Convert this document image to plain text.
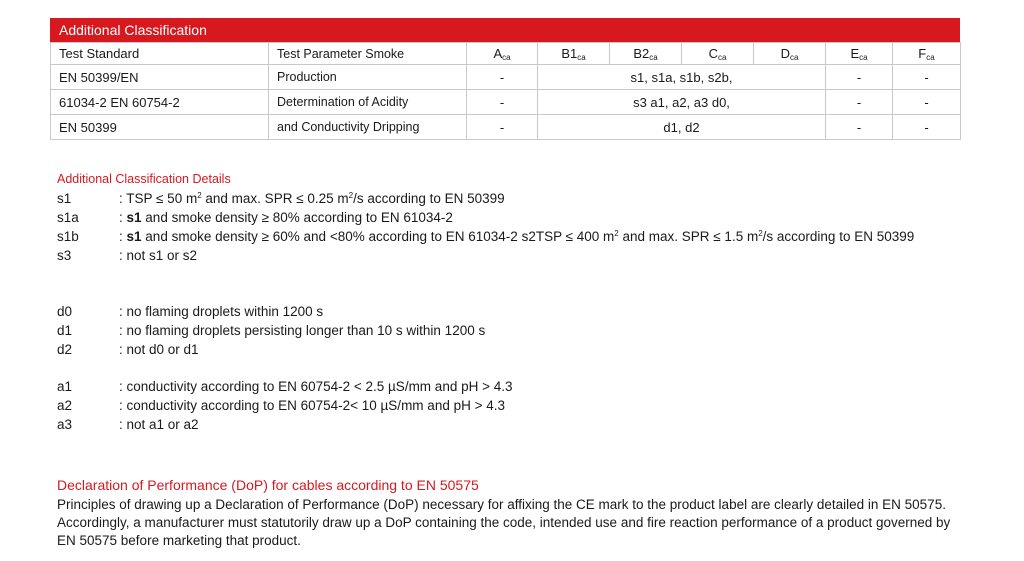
Additional Classification
Test Standard	Test Parameter Smoke	$A_{ca}$	$B1_{ca}$	$B2_{ca}$	$C_{ca}$	$D_{ca}$	$E_{ca}$	$F_{ca}$
EN 50399/EN	Production	-	s1, s1a, s1b, s2b,				-	-
61034-2 EN 60754-2	Determination of Acidity	-	s3 a1, a2, a3 d0,				-	-
EN 50399	and Conductivity Dripping	-	d1, d2				-	-
Additional Classification Details
s1	: TSP ≤ 50 $m^2$ and max. SPR ≤ 0.25 $m^2/s$ according to EN 50399
s1a	: s1 and smoke density ≥ 80% according to EN 61034-2
s1b	: s1 and smoke density ≥ 60% and <80% according to EN 61034-2 s2TSP ≤ 400 $m^2$ and max. SPR ≤ 1.5 $m^2/s$ according to EN 50399
s3	: not s1 or s2
d0	: no flaming droplets within 1200 s
d1	: no flaming droplets persisting longer than 10 s within 1200 s
d2	: not d0 or d1
a1	: conductivity according to EN 60754-2 < 2.5 µS/mm and pH > 4.3
a2	: conductivity according to EN 60754-2< 10 µS/mm and pH > 4.3
a3	: not a1 or a2
Declaration of Performance (DoP) for cables according to EN 50575
Principles of drawing up a Declaration of Performance (DoP) necessary for affixing the CE mark to the product label are clearly detailed in EN 50575. Accordingly, a manufacturer must statutorily draw up a DoP containing the code, intended use and fire reaction performance of a product governed by EN 50575 before marketing that product.
